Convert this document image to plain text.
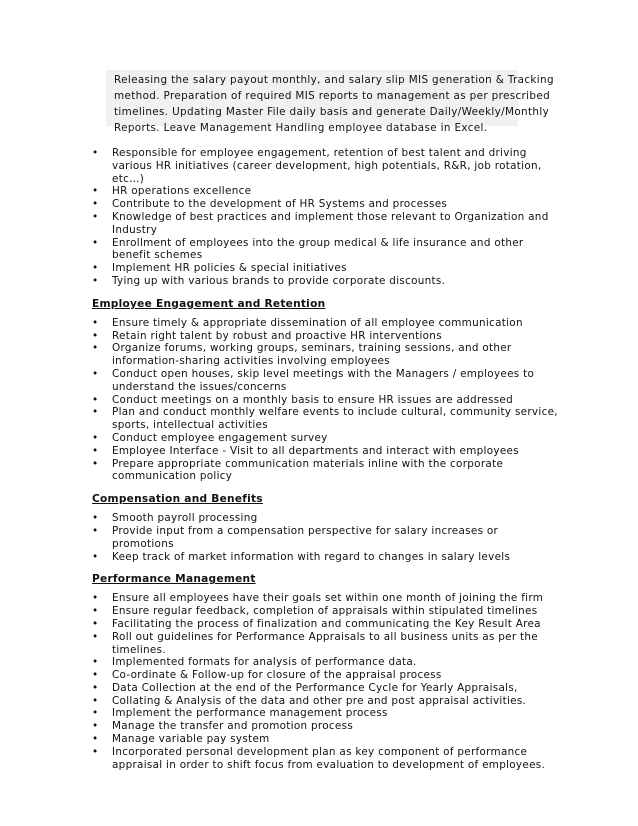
Releasing the salary payout monthly, and salary slip MIS generation & Tracking

method. Preparation of required MIS reports to management as per prescribed

timelines. Updating Master File daily basis and generate Daily/Weekly/Monthly

Reports. Leave Management Handling employee database in Excel.

• Responsible for employee engagement, retention of best talent and driving various HR initiatives (career development, high potentials, R&R, job rotation, etc…)
• HR operations excellence
• Contribute to the development of HR Systems and processes
• Knowledge of best practices and implement those relevant to Organization and Industry
• Enrollment of employees into the group medical & life insurance and other benefit schemes
• Implement HR policies & special initiatives
• Tying up with various brands to provide corporate discounts.
Employee Engagement and Retention
• Ensure timely & appropriate dissemination of all employee communication
• Retain right talent by robust and proactive HR interventions
• Organize forums, working groups, seminars, training sessions, and other information-sharing activities involving employees
• Conduct open houses, skip level meetings with the Managers / employees to understand the issues/concerns
• Conduct meetings on a monthly basis to ensure HR issues are addressed
• Plan and conduct monthly welfare events to include cultural, community service, sports, intellectual activities
• Conduct employee engagement survey
• Employee Interface - Visit to all departments and interact with employees
• Prepare appropriate communication materials inline with the corporate communication policy
Compensation and Benefits
• Smooth payroll processing
• Provide input from a compensation perspective for salary increases or promotions
• Keep track of market information with regard to changes in salary levels
Performance Management
• Ensure all employees have their goals set within one month of joining the firm
• Ensure regular feedback, completion of appraisals within stipulated timelines
• Facilitating the process of finalization and communicating the Key Result Area
• Roll out guidelines for Performance Appraisals to all business units as per the timelines.
• Implemented formats for analysis of performance data.
• Co-ordinate & Follow-up for closure of the appraisal process
• Data Collection at the end of the Performance Cycle for Yearly Appraisals,
• Collating & Analysis of the data and other pre and post appraisal activities.
• Implement the performance management process
• Manage the transfer and promotion process
• Manage variable pay system
• Incorporated personal development plan as key component of performance appraisal in order to shift focus from evaluation to development of employees.
